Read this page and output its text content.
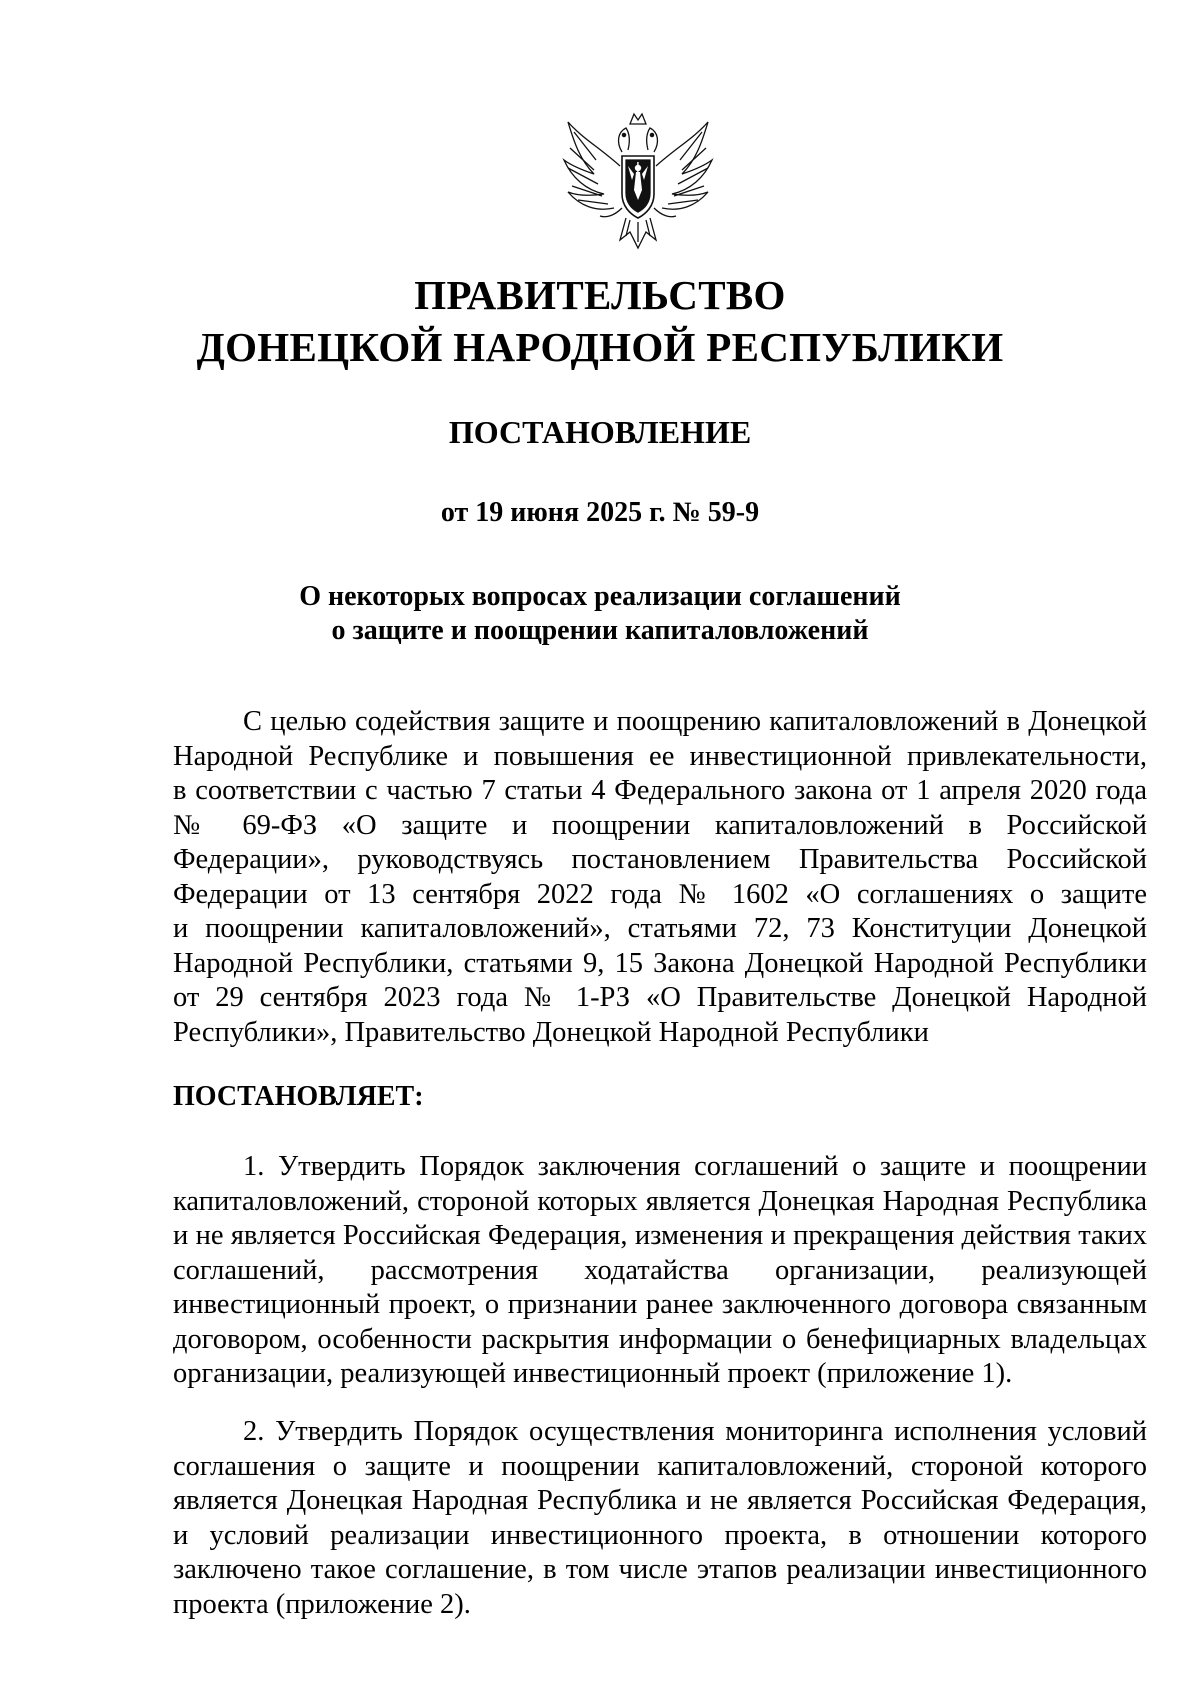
ПРАВИТЕЛЬСТВО
ДОНЕЦКОЙ НАРОДНОЙ РЕСПУБЛИКИ
ПОСТАНОВЛЕНИЕ
от 19 июня 2025 г. № 59-9
О некоторых вопросах реализации соглашений
о защите и поощрении капиталовложений
С целью содействия защите и поощрению капиталовложений в Донецкой
Народной Республике и повышения ее инвестиционной привлекательности,
в соответствии с частью 7 статьи 4 Федерального закона от 1 апреля 2020 года
№ 69-ФЗ «О защите и поощрении капиталовложений в Российской
Федерации», руководствуясь постановлением Правительства Российской
Федерации от 13 сентября 2022 года № 1602 «О соглашениях о защите
и поощрении капиталовложений», статьями 72, 73 Конституции Донецкой
Народной Республики, статьями 9, 15 Закона Донецкой Народной Республики
от 29 сентября 2023 года № 1-РЗ «О Правительстве Донецкой Народной
Республики», Правительство Донецкой Народной Республики
ПОСТАНОВЛЯЕТ:
1. Утвердить Порядок заключения соглашений о защите и поощрении
капиталовложений, стороной которых является Донецкая Народная Республика
и не является Российская Федерация, изменения и прекращения действия таких
соглашений, рассмотрения ходатайства организации, реализующей
инвестиционный проект, о признании ранее заключенного договора связанным
договором, особенности раскрытия информации о бенефициарных владельцах
организации, реализующей инвестиционный проект (приложение 1).
2. Утвердить Порядок осуществления мониторинга исполнения условий
соглашения о защите и поощрении капиталовложений, стороной которого
является Донецкая Народная Республика и не является Российская Федерация,
и условий реализации инвестиционного проекта, в отношении которого
заключено такое соглашение, в том числе этапов реализации инвестиционного
проекта (приложение 2).
